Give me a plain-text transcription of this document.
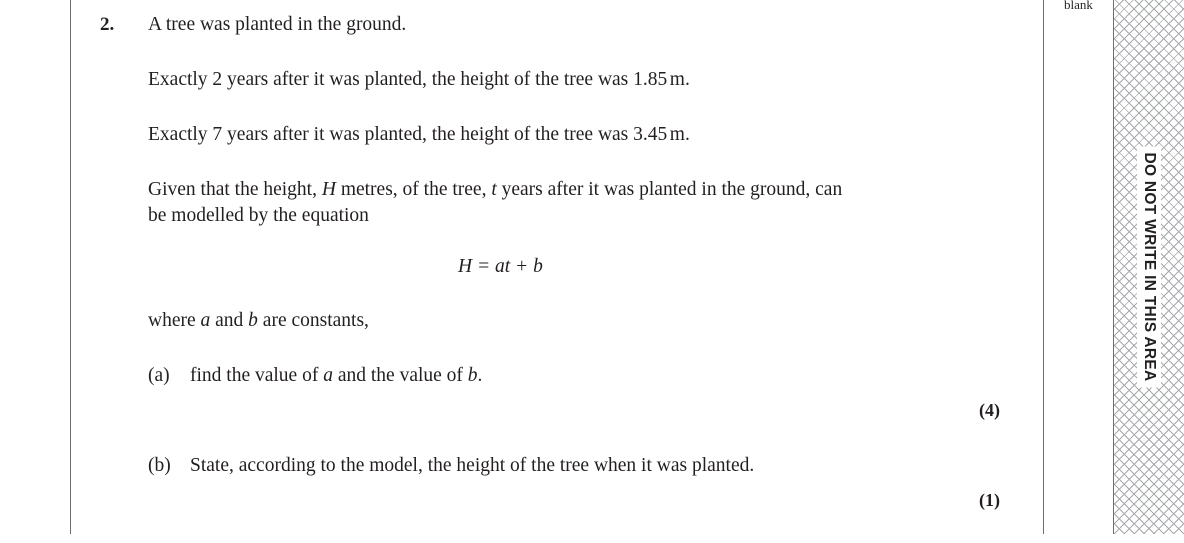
blank
DO NOT WRITE IN THIS AREA
2.	A tree was planted in the ground.

Exactly 2 years after it was planted, the height of the tree was 1.85 m.

Exactly 7 years after it was planted, the height of the tree was 3.45 m.

Given that the height, H metres, of the tree, t years after it was planted in the ground, can
be modelled by the equation

H = at + b

where a and b are constants,

(a) find the value of a and the value of b.
(4)
(b) State, according to the model, the height of the tree when it was planted.
(1)
